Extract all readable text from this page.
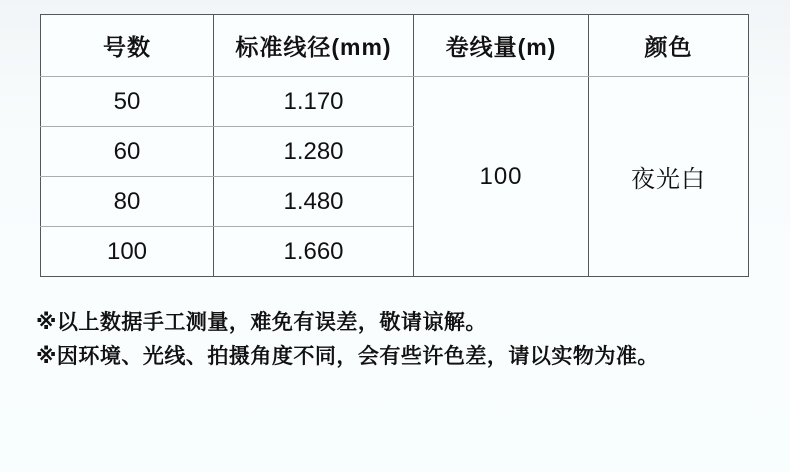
号数	标准线径(mm)	卷线量(m)	颜色
50	1.170	100	夜光白
60	1.280		
80	1.480		
100	1.660		

※以上数据手工测量，难免有误差，敬请谅解。

※因环境、光线、拍摄角度不同，会有些许色差，请以实物为准。
